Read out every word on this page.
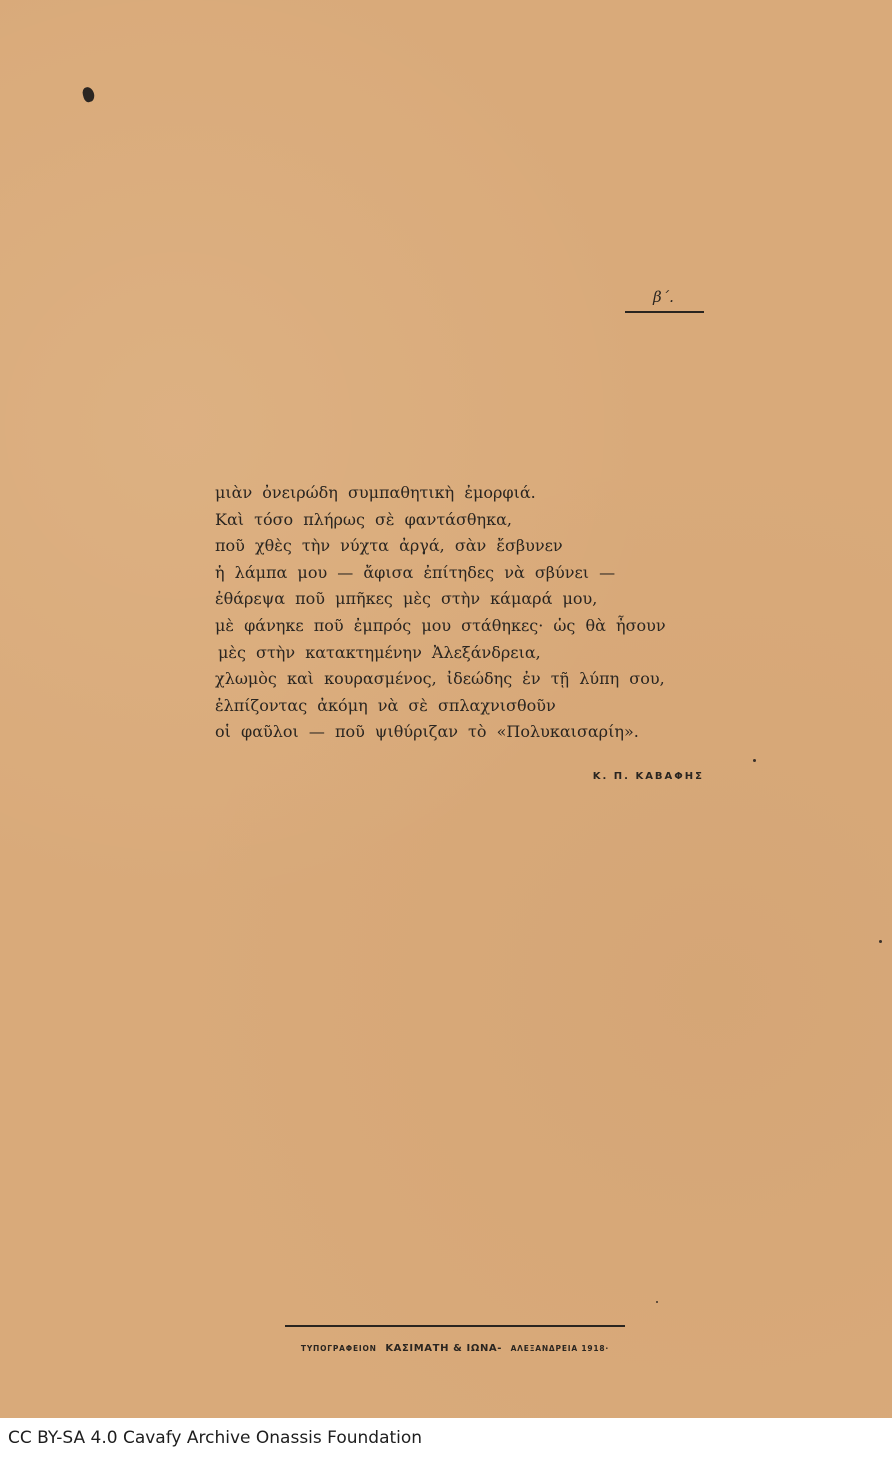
β΄.
μιὰν ὀνειρώδη συμπαθητικὴ ἐμορφιά.
Καὶ τόσο πλήρως σὲ φαντάσθηκα,
ποῦ χθὲς τὴν νύχτα ἀργά, σὰν ἔσβυνεν
ἡ λάμπα μου — ἄφισα ἐπίτηδες νὰ σβύνει —
ἐθάρεψα ποῦ μπῆκες μὲς στὴν κάμαρά μου,
μὲ φάνηκε ποῦ ἐμπρός μου στάθηκες· ὡς θὰ ἦσουν
μὲς στὴν κατακτημένην Ἀλεξάνδρεια,
χλωμὸς καὶ κουρασμένος, ἰδεώδης ἐν τῇ λύπη σου,
ἐλπίζοντας ἀκόμη νὰ σὲ σπλαχνισθοῦν
οἱ φαῦλοι — ποῦ ψιθύριζαν τὸ «Πολυκαισαρίη».
Κ. Π. ΚΑΒΑΦΗΣ
ΤΥΠΟΓΡΑΦΕΙΟΝ ΚΑΣΙΜΑΤΗ & ΙΩΝΑ- ΑΛΕΞΑΝΔΡΕΙΑ 1918·
CC BY-SA 4.0 Cavafy Archive Onassis Foundation
